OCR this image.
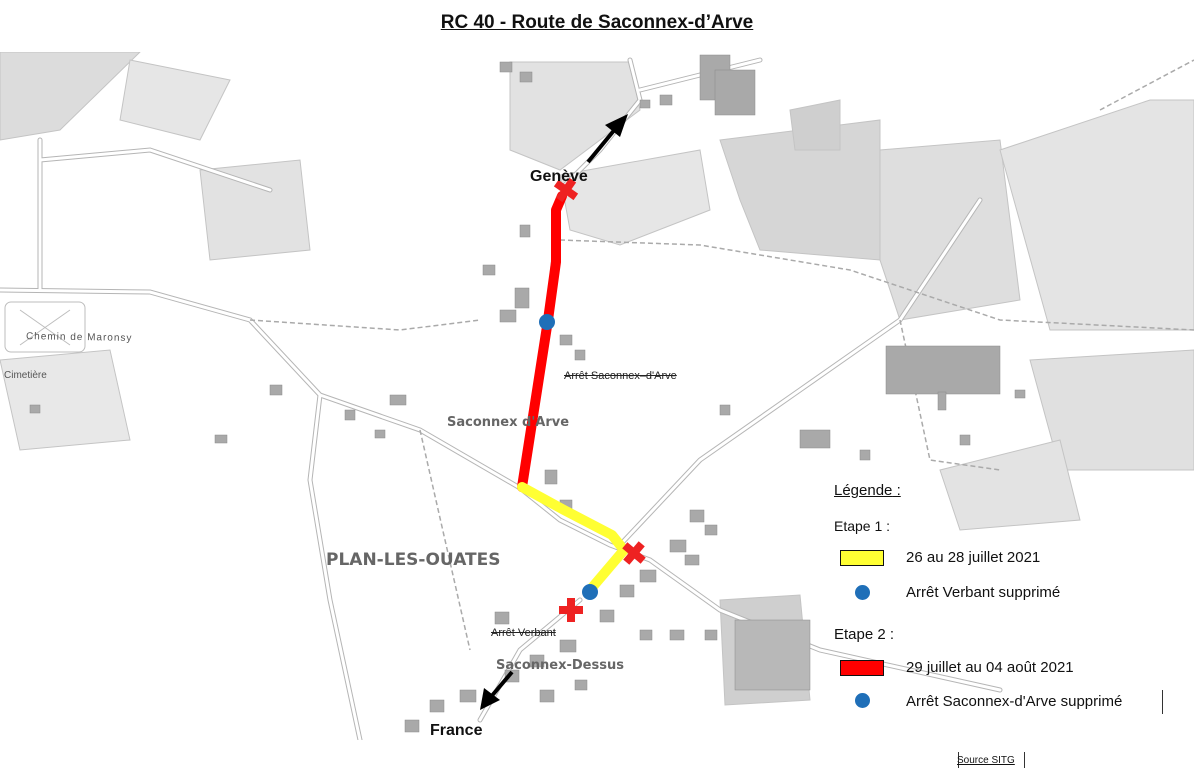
RC 40 - Route de Saconnex-d’Arve
Genève
France
PLAN-LES-OUATES
Saconnex d'Arve
Saconnex-Dessus
Chemin de Maronsy
Cimetière	Arrêt Saconnex–d'Arve
Arrêt Verbant
Légende :
Etape 1 :
26 au 28 juillet 2021
Arrêt Verbant supprimé
Etape 2 :
29 juillet au 04 août 2021
Arrêt Saconnex-d'Arve supprimé
Source SITG
